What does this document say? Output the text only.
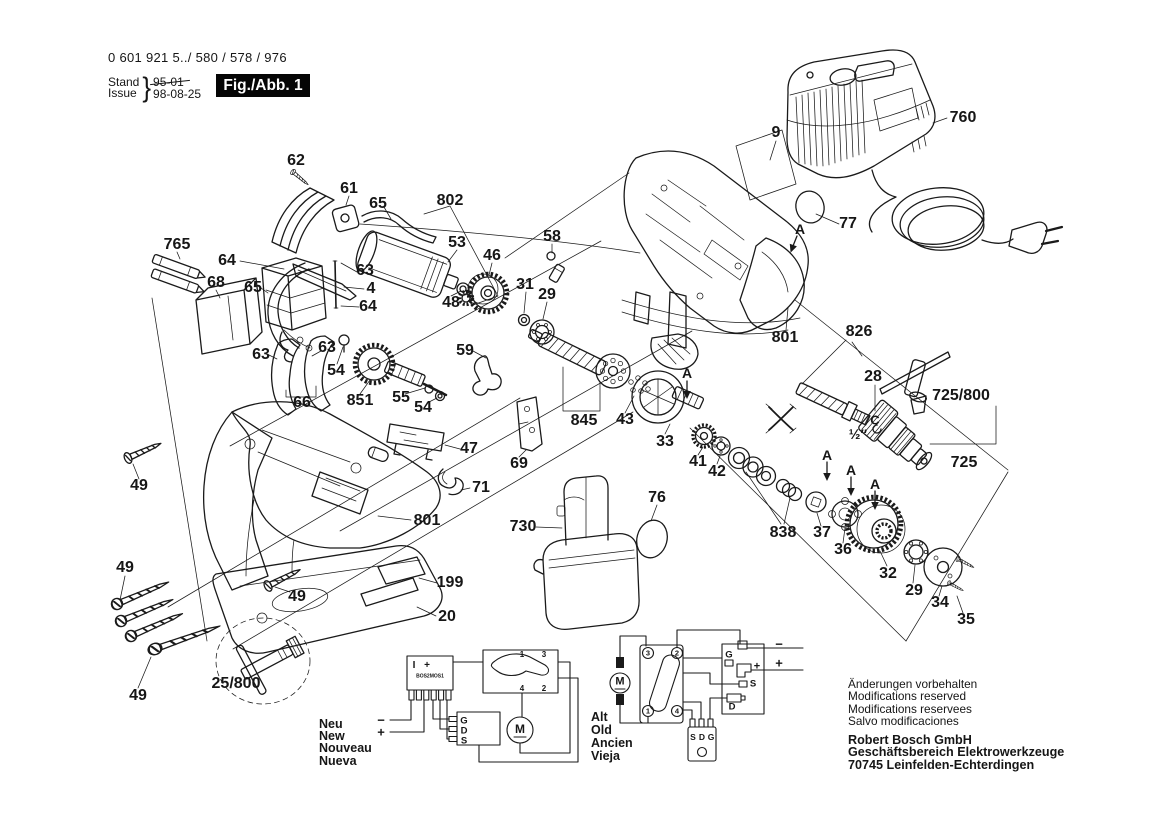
0 601 921 5../ 580 / 578 / 976
Stand
Issue } 95-01
98-08-25
Fig./Abb. 1
62
61
65	802
53
46
58
765
64
68 65
63
4
48
64
31
29
9
77
760
A
801	826
28
725/800
C
½″
725
63	63
54
66 851 55
54
59
845 43
33
A
41
42
47
69
71
730
76
838 37
36
32
29
34
35
A
A
A
801
199
20
25/800
49
49
49
49
Neu
New
Nouveau
Nueva
−
+
I +
BOS2MOS1
G
D
S
M
1 3
4 2
Alt
Old
Ancien
Vieja
M
3	2
1	4
G
+
S
D
S D G
−
+
Änderungen vorbehalten
Modifications reserved
Modifications reservees
Salvo modificaciones
Robert Bosch GmbH
Geschäftsbereich Elektrowerkzeuge
70745 Leinfelden-Echterdingen
